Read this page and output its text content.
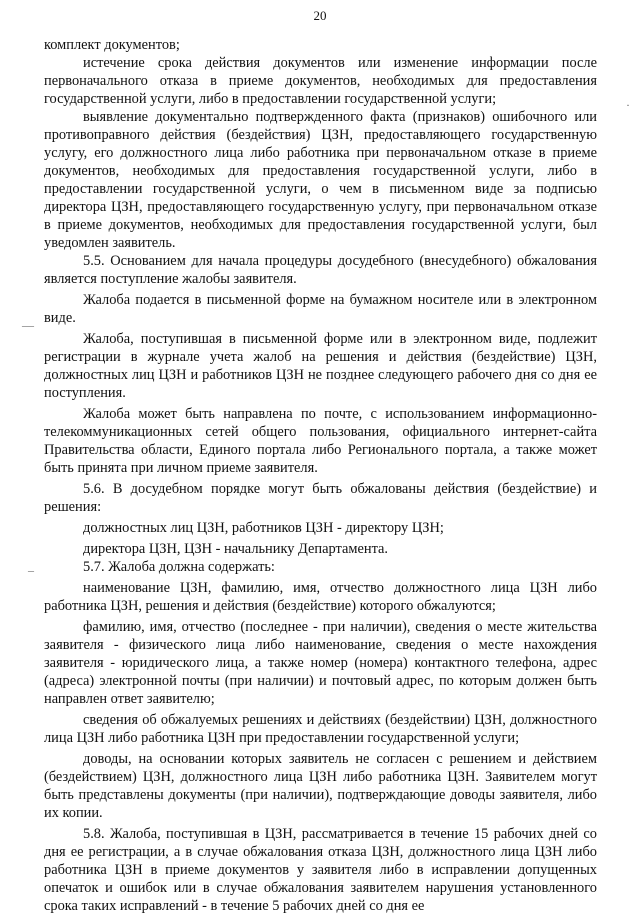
20

комплект документов;

истечение срока действия документов или изменение информации после первоначального отказа в приеме документов, необходимых для предоставления государственной услуги, либо в предоставлении государственной услуги;

выявление документально подтвержденного факта (признаков) ошибочного или противоправного действия (бездействия) ЦЗН, предоставляющего государственную услугу, его должностного лица либо работника при первоначальном отказе в приеме документов, необходимых для предоставления государственной услуги, либо в предоставлении государственной услуги, о чем в письменном виде за подписью директора ЦЗН, предоставляющего государственную услугу, при первоначальном отказе в приеме документов, необходимых для предоставления государственной услуги, был уведомлен заявитель.

5.5. Основанием для начала процедуры досудебного (внесудебного) обжалования является поступление жалобы заявителя.

Жалоба подается в письменной форме на бумажном носителе или в электронном виде.

Жалоба, поступившая в письменной форме или в электронном виде, подлежит регистрации в журнале учета жалоб на решения и действия (бездействие) ЦЗН, должностных лиц ЦЗН и работников ЦЗН не позднее следующего рабочего дня со дня ее поступления.

Жалоба может быть направлена по почте, с использованием информационно-телекоммуникационных сетей общего пользования, официального интернет-сайта Правительства области, Единого портала либо Регионального портала, а также может быть принята при личном приеме заявителя.

5.6. В досудебном порядке могут быть обжалованы действия (бездействие) и решения:

должностных лиц ЦЗН, работников ЦЗН - директору ЦЗН;

директора ЦЗН, ЦЗН - начальнику Департамента.

5.7. Жалоба должна содержать:

наименование ЦЗН, фамилию, имя, отчество должностного лица ЦЗН либо работника ЦЗН, решения и действия (бездействие) которого обжалуются;

фамилию, имя, отчество (последнее - при наличии), сведения о месте жительства заявителя - физического лица либо наименование, сведения о месте нахождения заявителя - юридического лица, а также номер (номера) контактного телефона, адрес (адреса) электронной почты (при наличии) и почтовый адрес, по которым должен быть направлен ответ заявителю;

сведения об обжалуемых решениях и действиях (бездействии) ЦЗН, должностного лица ЦЗН либо работника ЦЗН при предоставлении государственной услуги;

доводы, на основании которых заявитель не согласен с решением и действием (бездействием) ЦЗН, должностного лица ЦЗН либо работника ЦЗН. Заявителем могут быть представлены документы (при наличии), подтверждающие доводы заявителя, либо их копии.

5.8. Жалоба, поступившая в ЦЗН, рассматривается в течение 15 рабочих дней со дня ее регистрации, а в случае обжалования отказа ЦЗН, должностного лица ЦЗН либо работника ЦЗН в приеме документов у заявителя либо в исправлении допущенных опечаток и ошибок или в случае обжалования заявителем нарушения установленного срока таких исправлений - в течение 5 рабочих дней со дня ее

—
–
·
